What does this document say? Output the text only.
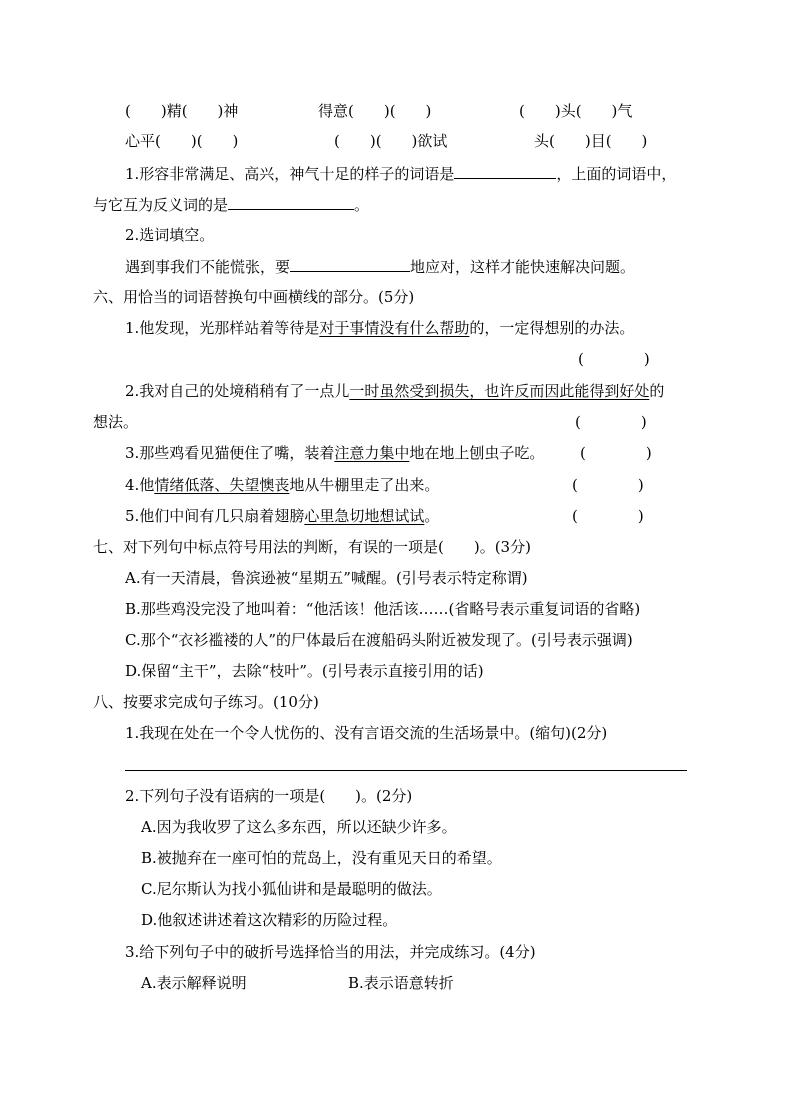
(　　)精(　　)神	得意(　　)(　　)	(　　)头(　　)气
心平(　　)(　　)	(　　)(　　)欲试	头(　　)目(　　)
1.形容非常满足、高兴，神气十足的样子的词语是	，上面的词语中，
与它互为反义词的是	。
2.选词填空。
遇到事我们不能慌张，要	地应对，这样才能快速解决问题。
六、用恰当的词语替换句中画横线的部分。(5分)
1.他发现，光那样站着等待是对于事情没有什么帮助的，一定得想别的办法。
(　　　　)
2.我对自己的处境稍稍有了一点儿一时虽然受到损失，也许反而因此能得到好处的
想法。	(　　　　)
3.那些鸡看见猫便住了嘴，装着注意力集中地在地上刨虫子吃。 (　　　　)
4.他情绪低落、失望懊丧地从牛棚里走了出来。	(　　　　)
5.他们中间有几只扇着翅膀心里急切地想试试。	(　　　　)
七、对下列句中标点符号用法的判断，有误的一项是(　　)。(3分)
A.有一天清晨，鲁滨逊被“星期五”喊醒。(引号表示特定称谓)
B.那些鸡没完没了地叫着：“他活该！他活该……(省略号表示重复词语的省略)
C.那个“衣衫褴褛的人”的尸体最后在渡船码头附近被发现了。(引号表示强调)
D.保留“主干”，去除“枝叶”。(引号表示直接引用的话)
八、按要求完成句子练习。(10分)
1.我现在处在一个令人忧伤的、没有言语交流的生活场景中。(缩句)(2分)
2.下列句子没有语病的一项是(　　)。(2分)
A.因为我收罗了这么多东西，所以还缺少许多。
B.被抛弃在一座可怕的荒岛上，没有重见天日的希望。
C.尼尔斯认为找小狐仙讲和是最聪明的做法。
D.他叙述讲述着这次精彩的历险过程。
3.给下列句子中的破折号选择恰当的用法，并完成练习。(4分)
A.表示解释说明	B.表示语意转折
